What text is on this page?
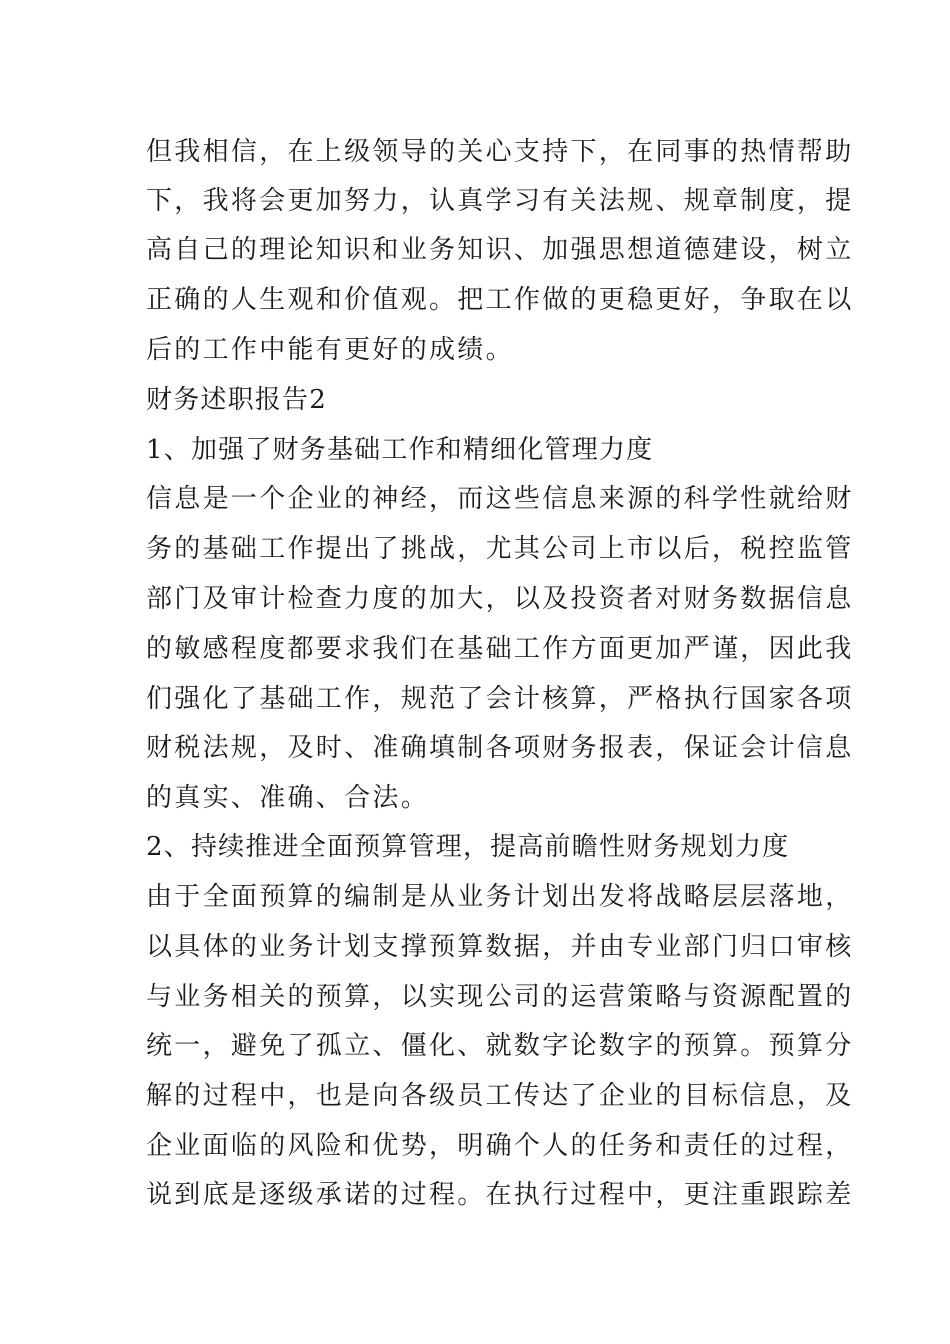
但我相信，在上级领导的关心支持下，在同事的热情帮助
下，我将会更加努力，认真学习有关法规、规章制度，提
高自己的理论知识和业务知识、加强思想道德建设，树立
正确的人生观和价值观。把工作做的更稳更好，争取在以
后的工作中能有更好的成绩。
财务述职报告2
1、加强了财务基础工作和精细化管理力度
信息是一个企业的神经，而这些信息来源的科学性就给财
务的基础工作提出了挑战，尤其公司上市以后，税控监管
部门及审计检查力度的加大，以及投资者对财务数据信息
的敏感程度都要求我们在基础工作方面更加严谨，因此我
们强化了基础工作，规范了会计核算，严格执行国家各项
财税法规，及时、准确填制各项财务报表，保证会计信息
的真实、准确、合法。
2、持续推进全面预算管理，提高前瞻性财务规划力度
由于全面预算的编制是从业务计划出发将战略层层落地，
以具体的业务计划支撑预算数据，并由专业部门归口审核
与业务相关的预算，以实现公司的运营策略与资源配置的
统一，避免了孤立、僵化、就数字论数字的预算。预算分
解的过程中，也是向各级员工传达了企业的目标信息，及
企业面临的风险和优势，明确个人的任务和责任的过程，
说到底是逐级承诺的过程。在执行过程中，更注重跟踪差
